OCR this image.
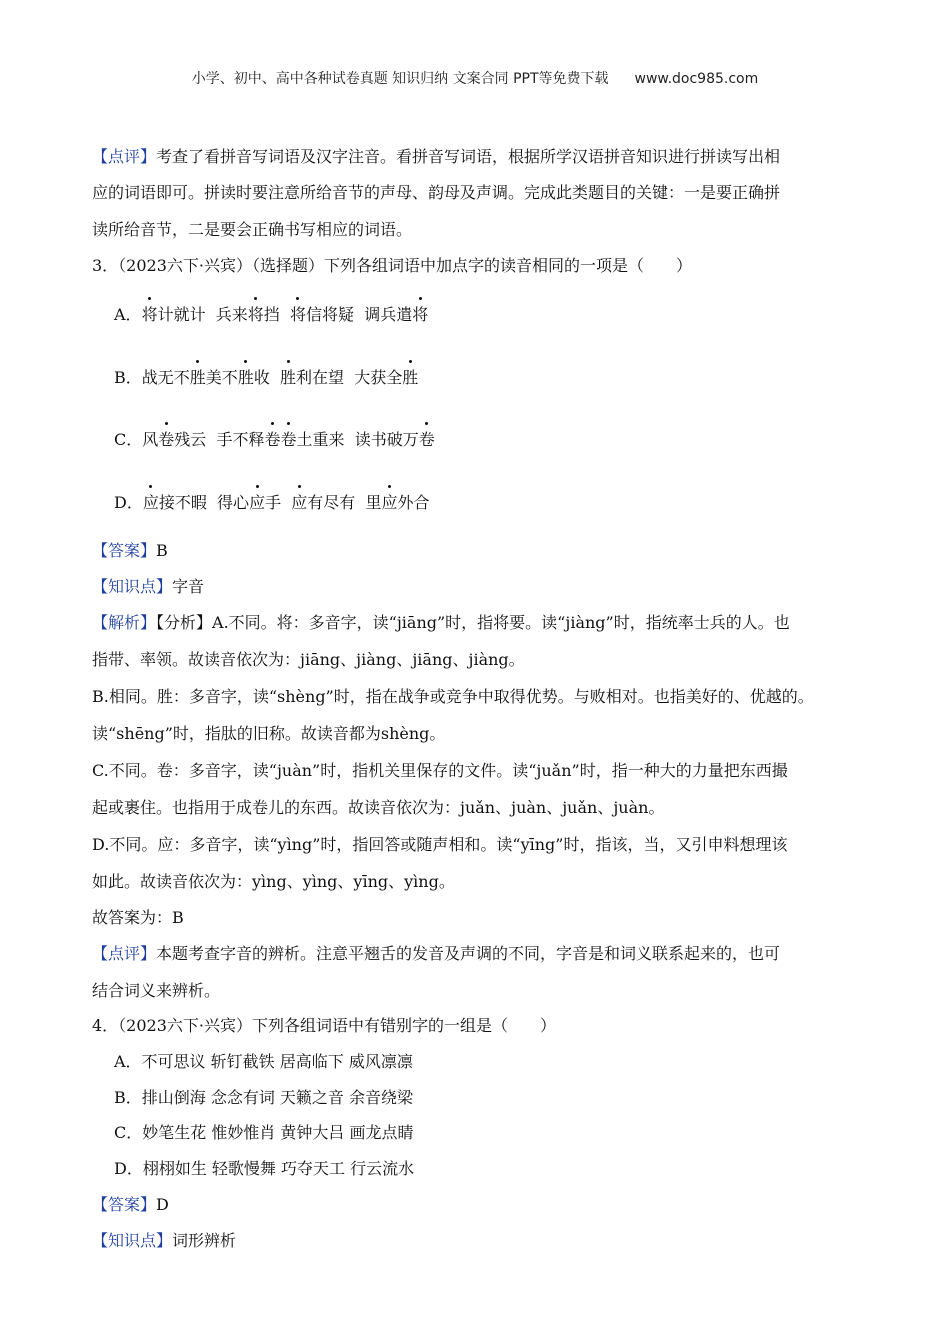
小学、初中、高中各种试卷真题 知识归纳 文案合同 PPT等免费下载 www.doc985.com
【点评】考查了看拼音写词语及汉字注音。看拼音写词语，根据所学汉语拼音知识进行拼读写出相
应的词语即可。拼读时要注意所给音节的声母、韵母及声调。完成此类题目的关键：一是要正确拼
读所给音节，二是要会正确书写相应的词语。
3．（2023六下·兴宾）（选择题）下列各组词语中加点字的读音相同的一项是（　　）
A．将计就计 兵来将挡 将信将疑 调兵遣将
B．战无不胜美不胜收 胜利在望 大获全胜
C．风卷残云 手不释卷卷土重来 读书破万卷
D．应接不暇 得心应手 应有尽有 里应外合
【答案】B
【知识点】字音
【解析】【分析】A.不同。将：多音字，读“jiāng”时，指将要。读“jiàng”时，指统率士兵的人。也
指带、率领。故读音依次为：jiāng、jiàng、jiāng、jiàng。
B.相同。胜：多音字，读“shèng”时，指在战争或竞争中取得优势。与败相对。也指美好的、优越的。
读“shēng”时，指肽的旧称。故读音都为shèng。
C.不同。卷：多音字，读“juàn”时，指机关里保存的文件。读“juǎn”时，指一种大的力量把东西撮
起或裹住。也指用于成卷儿的东西。故读音依次为：juǎn、juàn、juǎn、juàn。
D.不同。应：多音字，读“yìng”时，指回答或随声相和。读“yīng”时，指该，当，又引申料想理该
如此。故读音依次为：yìng、yìng、yīng、yìng。
故答案为：B
【点评】本题考查字音的辨析。注意平翘舌的发音及声调的不同，字音是和词义联系起来的，也可
结合词义来辨析。
4．（2023六下·兴宾）下列各组词语中有错别字的一组是（　　）
A．不可思议 斩钉截铁 居高临下 威风凛凛
B．排山倒海 念念有词 天籁之音 余音绕梁
C．妙笔生花 惟妙惟肖 黄钟大吕 画龙点睛
D．栩栩如生 轻歌慢舞 巧夺天工 行云流水
【答案】D
【知识点】词形辨析
